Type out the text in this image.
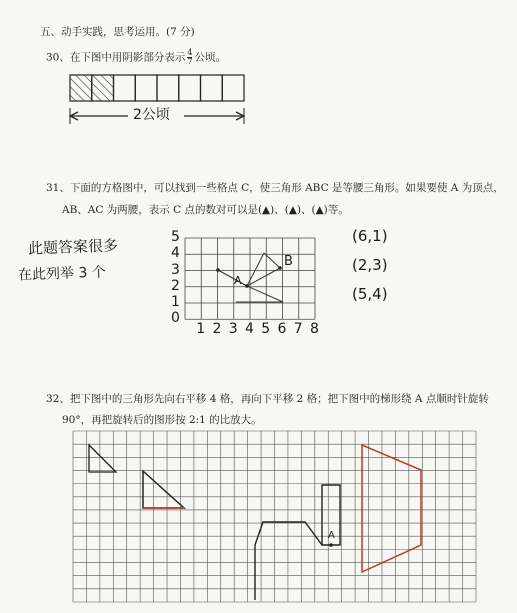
五、动手实践，思考运用。(7 分)
30、在下图中用阴影部分表示 $\frac{4}{7}$ 公顷。
2公顷
31、下面的方格图中，可以找到一些格点 C，使三角形 ABC 是等腰三角形。如果要使 A 为顶点，
AB、AC 为两腰，表示 C 点的数对可以是(▲)、(▲)、(▲)等。
此题答案很多
在此列举 3 个	A
B
0
1
2
3
4
5
1 2 3 4 5 6 7 8
(6,1)
(2,3)
(5,4)
32、把下图中的三角形先向右平移 4 格，再向下平移 2 格；把下图中的梯形绕 A 点顺时针旋转
90°，再把旋转后的图形按 2:1 的比放大。
A
